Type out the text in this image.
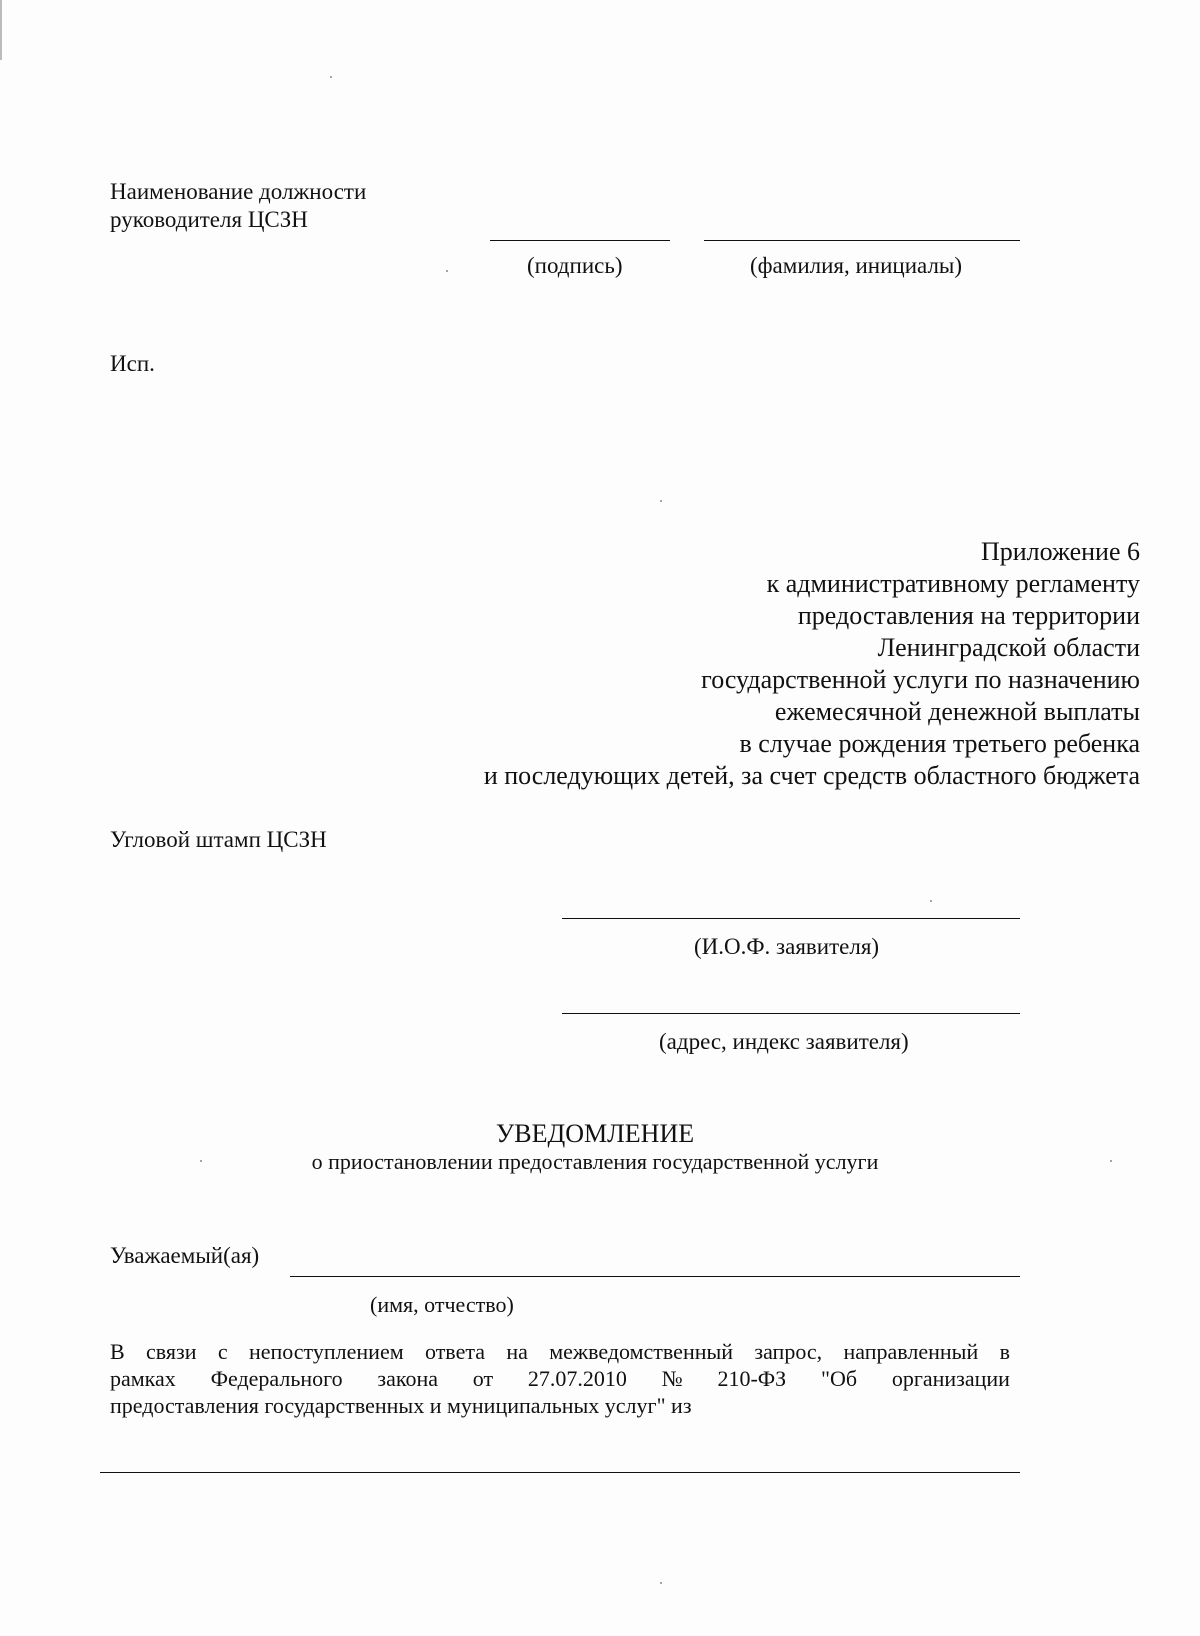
Наименование должности
руководителя ЦСЗН
(подпись)	(фамилия, инициалы)
Исп.
Приложение 6
к административному регламенту
предоставления на территории
Ленинградской области
государственной услуги по назначению
ежемесячной денежной выплаты
в случае рождения третьего ребенка
и последующих детей, за счет средств областного бюджета
Угловой штамп ЦСЗН
(И.О.Ф. заявителя)
(адрес, индекс заявителя)
УВЕДОМЛЕНИЕ
о приостановлении предоставления государственной услуги
Уважаемый(ая)
(имя, отчество)
В связи с непоступлением ответа на межведомственный запрос, направленный в
рамках Федерального закона от 27.07.2010 № 210-ФЗ "Об организации
предоставления государственных и муниципальных услуг" из
